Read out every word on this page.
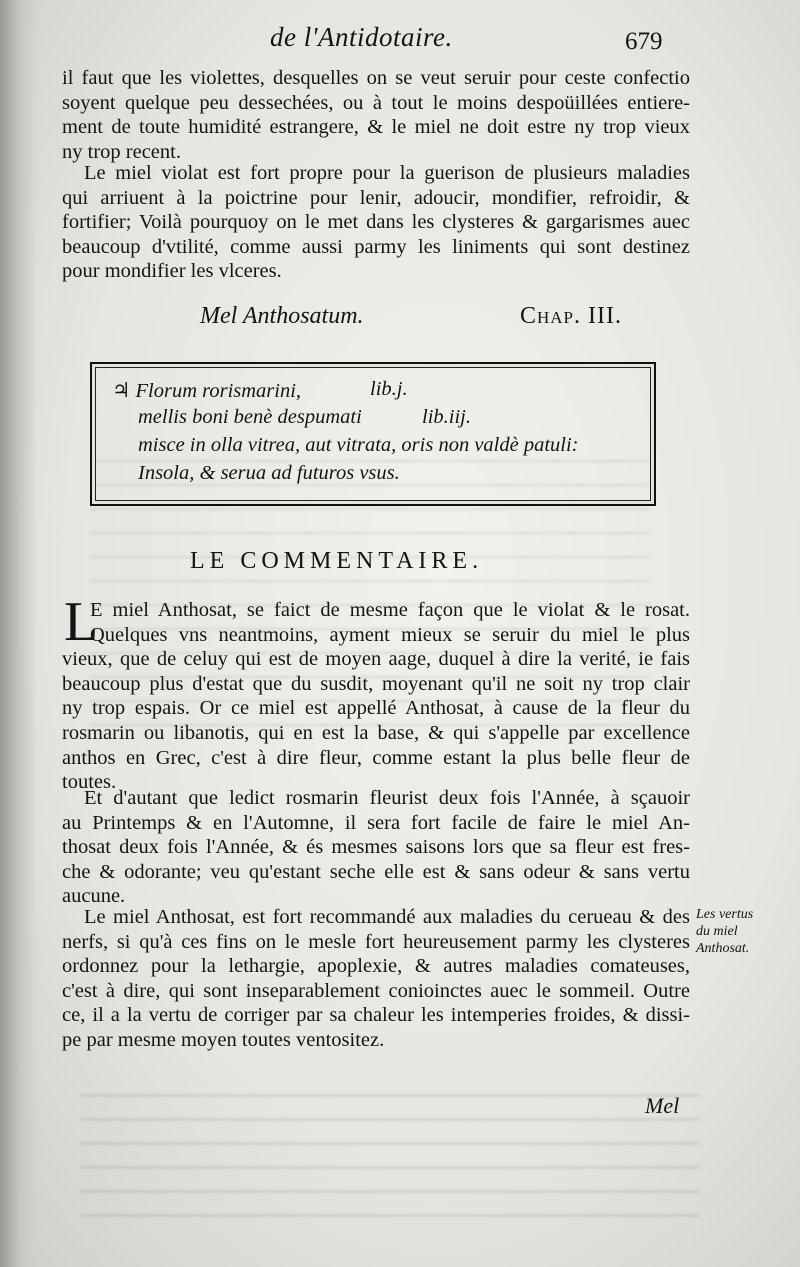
de l'Antidotaire.	679
il faut que les violettes, desquelles on se veut seruir pour ceste confectio
soyent quelque peu dessechées, ou à tout le moins despoüillées entiere-
ment de toute humidité estrangere, & le miel ne doit estre ny trop vieux
ny trop recent.
Le miel violat est fort propre pour la guerison de plusieurs maladies
qui arriuent à la poictrine pour lenir, adoucir, mondifier, refroidir, &
fortifier; Voilà pourquoy on le met dans les clysteres & gargarismes auec
beaucoup d'vtilité, comme aussi parmy les liniments qui sont destinez
pour mondifier les vlceres.
Mel Anthosatum.	Chap. III.
♃ Florum rorismarini,	lib.j.
mellis boni benè despumati	lib.iij.
misce in olla vitrea, aut vitrata, oris non valdè patuli:
Insola, & serua ad futuros vsus.
LE COMMENTAIRE.
L
E miel Anthosat, se faict de mesme façon que le violat & le rosat.
Quelques vns neantmoins, ayment mieux se seruir du miel le plus
vieux, que de celuy qui est de moyen aage, duquel à dire la verité, ie fais
beaucoup plus d'estat que du susdit, moyenant qu'il ne soit ny trop clair
ny trop espais. Or ce miel est appellé Anthosat, à cause de la fleur du
rosmarin ou libanotis, qui en est la base, & qui s'appelle par excellence
anthos en Grec, c'est à dire fleur, comme estant la plus belle fleur de
toutes.
Et d'autant que ledict rosmarin fleurist deux fois l'Année, à sçauoir
au Printemps & en l'Automne, il sera fort facile de faire le miel An-
thosat deux fois l'Année, & és mesmes saisons lors que sa fleur est fres-
che & odorante; veu qu'estant seche elle est & sans odeur & sans vertu
aucune.
Le miel Anthosat, est fort recommandé aux maladies du cerueau & des
nerfs, si qu'à ces fins on le mesle fort heureusement parmy les clysteres
ordonnez pour la lethargie, apoplexie, & autres maladies comateuses,
c'est à dire, qui sont inseparablement conioinctes auec le sommeil. Outre
ce, il a la vertu de corriger par sa chaleur les intemperies froides, & dissi-
pe par mesme moyen toutes ventositez.
Les vertus
du miel
Anthosat.
Mel
